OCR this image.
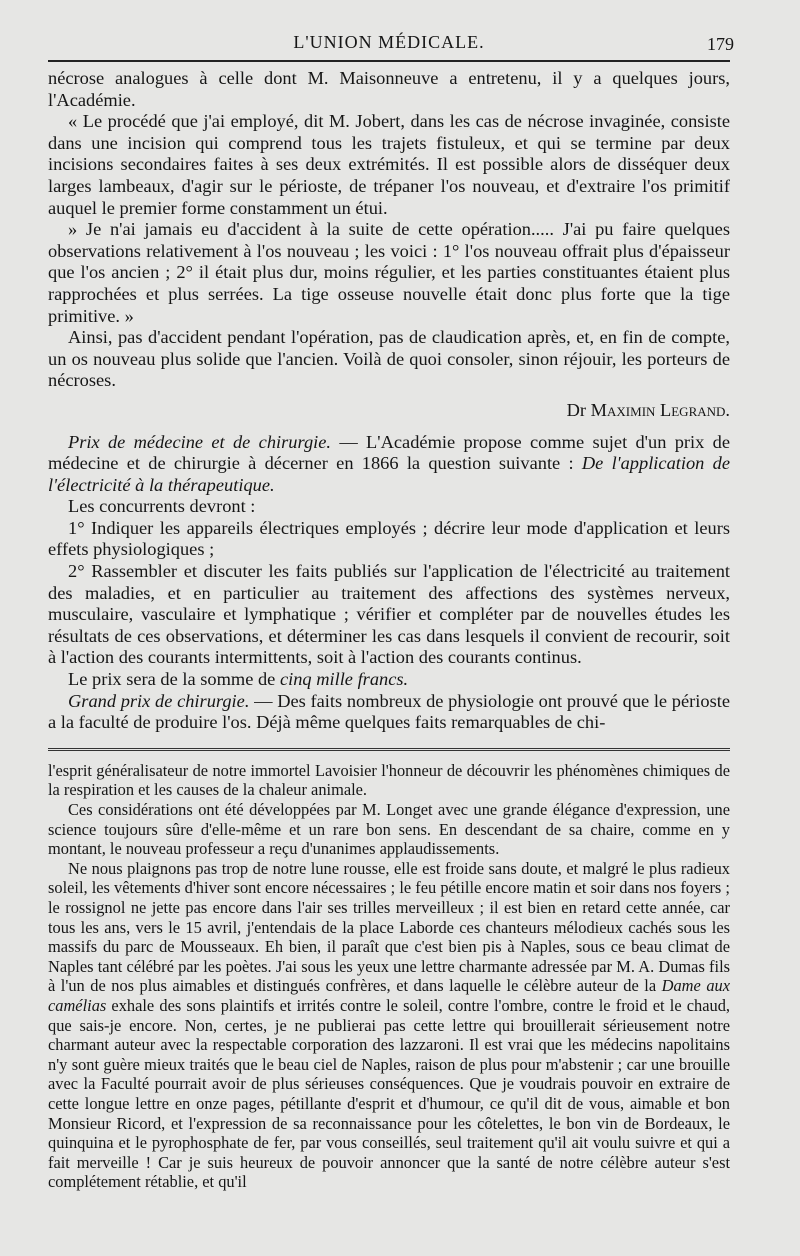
L'UNION MÉDICALE.	179

nécrose analogues à celle dont M. Maisonneuve a entretenu, il y a quelques jours, l'Académie.

« Le procédé que j'ai employé, dit M. Jobert, dans les cas de nécrose invaginée, consiste dans une incision qui comprend tous les trajets fistuleux, et qui se termine par deux incisions secondaires faites à ses deux extrémités. Il est possible alors de disséquer deux larges lambeaux, d'agir sur le périoste, de trépaner l'os nouveau, et d'extraire l'os primitif auquel le premier forme constamment un étui.

» Je n'ai jamais eu d'accident à la suite de cette opération..... J'ai pu faire quelques observations relativement à l'os nouveau ; les voici : 1° l'os nouveau offrait plus d'épaisseur que l'os ancien ; 2° il était plus dur, moins régulier, et les parties constituantes étaient plus rapprochées et plus serrées. La tige osseuse nouvelle était donc plus forte que la tige primitive. »

Ainsi, pas d'accident pendant l'opération, pas de claudication après, et, en fin de compte, un os nouveau plus solide que l'ancien. Voilà de quoi consoler, sinon réjouir, les porteurs de nécroses.

Dr Maximin Legrand.

Prix de médecine et de chirurgie. — L'Académie propose comme sujet d'un prix de médecine et de chirurgie à décerner en 1866 la question suivante : De l'application de l'électricité à la thérapeutique.

Les concurrents devront :

1° Indiquer les appareils électriques employés ; décrire leur mode d'application et leurs effets physiologiques ;

2° Rassembler et discuter les faits publiés sur l'application de l'électricité au traitement des maladies, et en particulier au traitement des affections des systèmes nerveux, musculaire, vasculaire et lymphatique ; vérifier et compléter par de nouvelles études les résultats de ces observations, et déterminer les cas dans lesquels il convient de recourir, soit à l'action des courants intermittents, soit à l'action des courants continus.

Le prix sera de la somme de cinq mille francs.

Grand prix de chirurgie. — Des faits nombreux de physiologie ont prouvé que le périoste a la faculté de produire l'os. Déjà même quelques faits remarquables de chi-

l'esprit généralisateur de notre immortel Lavoisier l'honneur de découvrir les phénomènes chimiques de la respiration et les causes de la chaleur animale.

Ces considérations ont été développées par M. Longet avec une grande élégance d'expression, une science toujours sûre d'elle-même et un rare bon sens. En descendant de sa chaire, comme en y montant, le nouveau professeur a reçu d'unanimes applaudissements.

Ne nous plaignons pas trop de notre lune rousse, elle est froide sans doute, et malgré le plus radieux soleil, les vêtements d'hiver sont encore nécessaires ; le feu pétille encore matin et soir dans nos foyers ; le rossignol ne jette pas encore dans l'air ses trilles merveilleux ; il est bien en retard cette année, car tous les ans, vers le 15 avril, j'entendais de la place Laborde ces chanteurs mélodieux cachés sous les massifs du parc de Mousseaux. Eh bien, il paraît que c'est bien pis à Naples, sous ce beau climat de Naples tant célébré par les poètes. J'ai sous les yeux une lettre charmante adressée par M. A. Dumas fils à l'un de nos plus aimables et distingués confrères, et dans laquelle le célèbre auteur de la Dame aux camélias exhale des sons plaintifs et irrités contre le soleil, contre l'ombre, contre le froid et le chaud, que sais-je encore. Non, certes, je ne publierai pas cette lettre qui brouillerait sérieusement notre charmant auteur avec la respectable corporation des lazzaroni. Il est vrai que les médecins napolitains n'y sont guère mieux traités que le beau ciel de Naples, raison de plus pour m'abstenir ; car une brouille avec la Faculté pourrait avoir de plus sérieuses conséquences. Que je voudrais pouvoir en extraire de cette longue lettre en onze pages, pétillante d'esprit et d'humour, ce qu'il dit de vous, aimable et bon Monsieur Ricord, et l'expression de sa reconnaissance pour les côtelettes, le bon vin de Bordeaux, le quinquina et le pyrophosphate de fer, par vous conseillés, seul traitement qu'il ait voulu suivre et qui a fait merveille ! Car je suis heureux de pouvoir annoncer que la santé de notre célèbre auteur s'est complétement rétablie, et qu'il
